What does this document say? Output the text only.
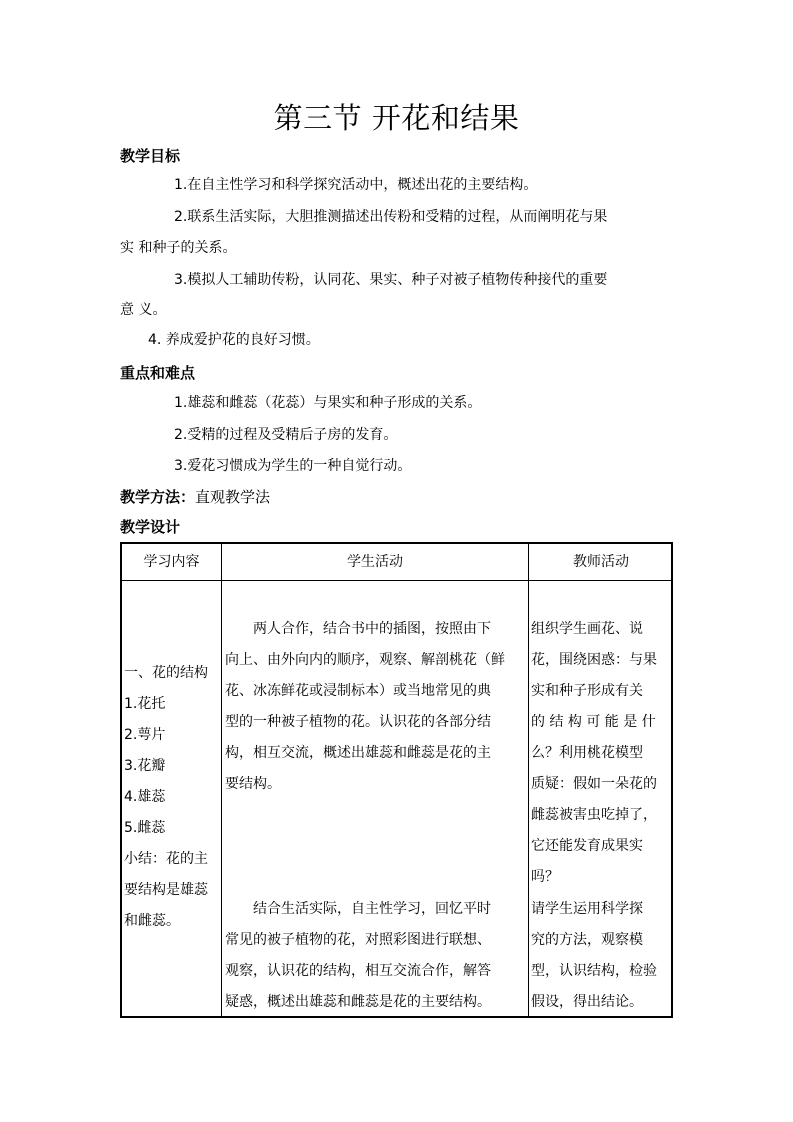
第三节 开花和结果
教学目标
1.在自主性学习和科学探究活动中，概述出花的主要结构。
2.联系生活实际，大胆推测描述出传粉和受精的过程，从而阐明花与果
实 和种子的关系。
3.模拟人工辅助传粉，认同花、果实、种子对被子植物传种接代的重要
意 义。
4. 养成爱护花的良好习惯。
重点和难点
1.雄蕊和雌蕊（花蕊）与果实和种子形成的关系。
2.受精的过程及受精后子房的发育。
3.爱花习惯成为学生的一种自觉行动。
教学方法：直观教学法
教学设计
学习内容	学生活动	教师活动
一、花的结构
1.花托
2.萼片
3.花瓣
4.雄蕊
5.雌蕊
小结：花的主
要结构是雄蕊
和雌蕊。
两人合作，结合书中的插图，按照由下
向上、由外向内的顺序，观察、解剖桃花（鲜
花、冰冻鲜花或浸制标本）或当地常见的典
型的一种被子植物的花。认识花的各部分结
构，相互交流，概述出雄蕊和雌蕊是花的主
要结构。
结合生活实际，自主性学习，回忆平时
常见的被子植物的花，对照彩图进行联想、
观察，认识花的结构，相互交流合作，解答
疑惑，概述出雄蕊和雌蕊是花的主要结构。
组织学生画花、说
花，围绕困惑：与果
实和种子形成有关
的 结 构 可 能 是 什
么？利用桃花模型
质疑：假如一朵花的
雌蕊被害虫吃掉了，
它还能发育成果实
吗？
请学生运用科学探
究的方法，观察模
型，认识结构，检验
假设，得出结论。
